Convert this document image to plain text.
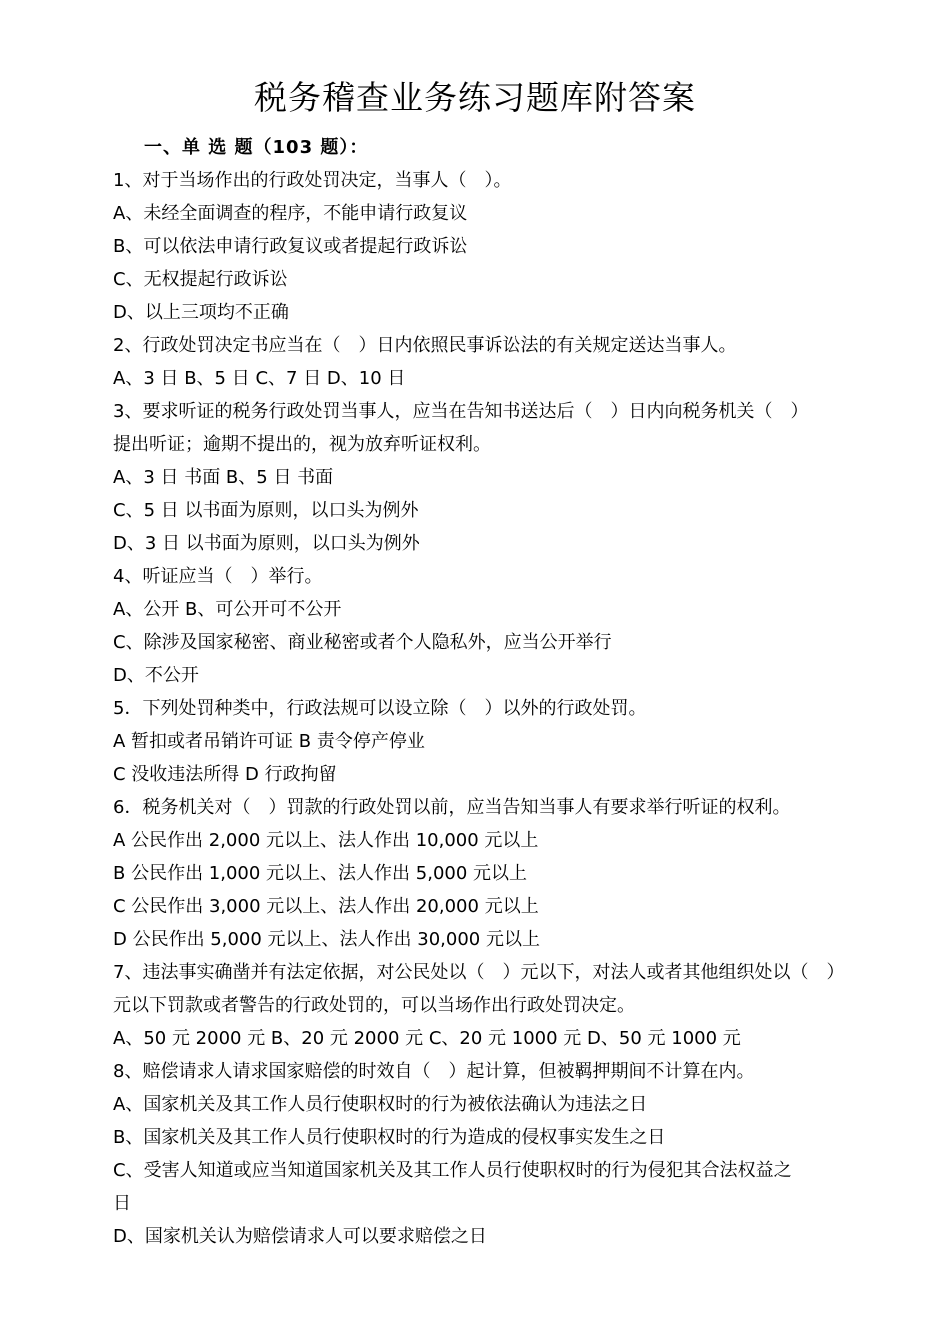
税务稽查业务练习题库附答案
一、单 选 题（103 题）：
1、对于当场作出的行政处罚决定，当事人（　）。
A、未经全面调查的程序，不能申请行政复议
B、可以依法申请行政复议或者提起行政诉讼
C、无权提起行政诉讼
D、以上三项均不正确
2、行政处罚决定书应当在（　）日内依照民事诉讼法的有关规定送达当事人。
A、3 日 B、5 日 C、7 日 D、10 日
3、要求听证的税务行政处罚当事人，应当在告知书送达后（　）日内向税务机关（　）
提出听证；逾期不提出的，视为放弃听证权利。
A、3 日 书面 B、5 日 书面
C、5 日 以书面为原则，以口头为例外
D、3 日 以书面为原则，以口头为例外
4、听证应当（　）举行。
A、公开 B、可公开可不公开
C、除涉及国家秘密、商业秘密或者个人隐私外，应当公开举行
D、不公开
5．下列处罚种类中，行政法规可以设立除（　）以外的行政处罚。
A 暂扣或者吊销许可证 B 责令停产停业
C 没收违法所得 D 行政拘留
6．税务机关对（　）罚款的行政处罚以前，应当告知当事人有要求举行听证的权利。
A 公民作出 2,000 元以上、法人作出 10,000 元以上
B 公民作出 1,000 元以上、法人作出 5,000 元以上
C 公民作出 3,000 元以上、法人作出 20,000 元以上
D 公民作出 5,000 元以上、法人作出 30,000 元以上
7、违法事实确凿并有法定依据，对公民处以（　）元以下，对法人或者其他组织处以（　）
元以下罚款或者警告的行政处罚的，可以当场作出行政处罚决定。
A、50 元 2000 元 B、20 元 2000 元 C、20 元 1000 元 D、50 元 1000 元
8、赔偿请求人请求国家赔偿的时效自（　）起计算，但被羁押期间不计算在内。
A、国家机关及其工作人员行使职权时的行为被依法确认为违法之日
B、国家机关及其工作人员行使职权时的行为造成的侵权事实发生之日
C、受害人知道或应当知道国家机关及其工作人员行使职权时的行为侵犯其合法权益之
日
D、国家机关认为赔偿请求人可以要求赔偿之日
